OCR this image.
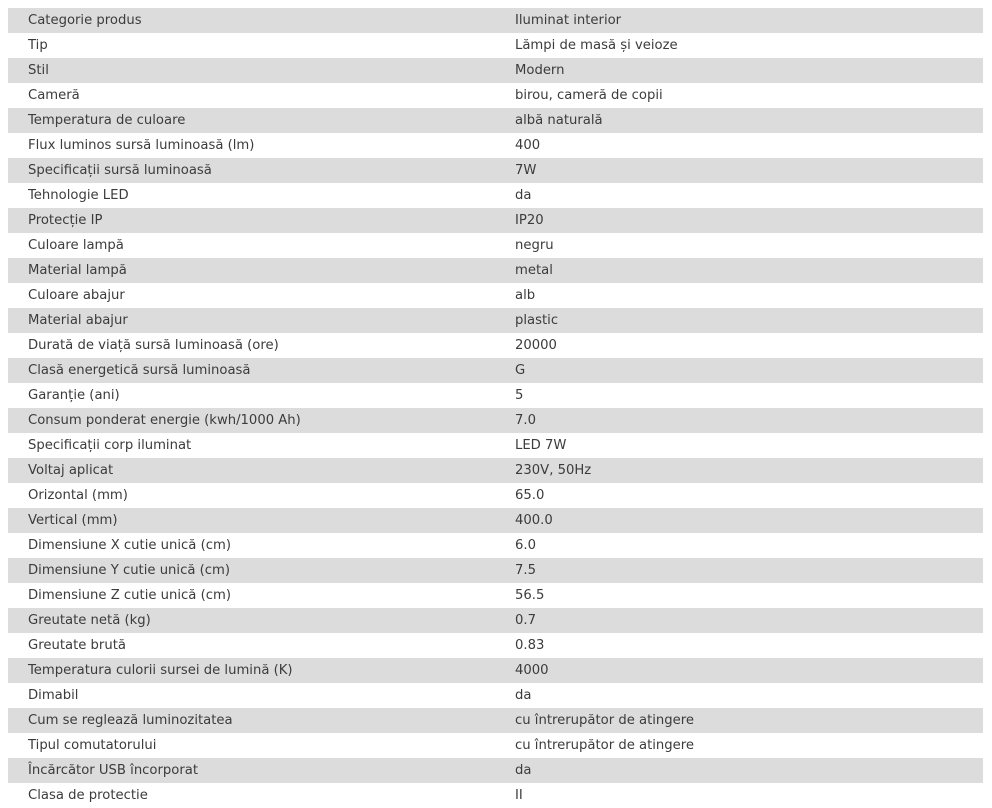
Categorie produs	Iluminat interior
Tip	Lămpi de masă și veioze
Stil	Modern
Cameră	birou, cameră de copii
Temperatura de culoare	albă naturală
Flux luminos sursă luminoasă (lm)	400
Specificații sursă luminoasă	7W
Tehnologie LED	da
Protecție IP	IP20
Culoare lampă	negru
Material lampă	metal
Culoare abajur	alb
Material abajur	plastic
Durată de viață sursă luminoasă (ore)	20000
Clasă energetică sursă luminoasă	G
Garanție (ani)	5
Consum ponderat energie (kwh/1000 Ah)	7.0
Specificații corp iluminat	LED 7W
Voltaj aplicat	230V, 50Hz
Orizontal (mm)	65.0
Vertical (mm)	400.0
Dimensiune X cutie unică (cm)	6.0
Dimensiune Y cutie unică (cm)	7.5
Dimensiune Z cutie unică (cm)	56.5
Greutate netă (kg)	0.7
Greutate brută	0.83
Temperatura culorii sursei de lumină (K)	4000
Dimabil	da
Cum se reglează luminozitatea	cu întrerupător de atingere
Tipul comutatorului	cu întrerupător de atingere
Încărcător USB încorporat	da
Clasa de protectie	II
